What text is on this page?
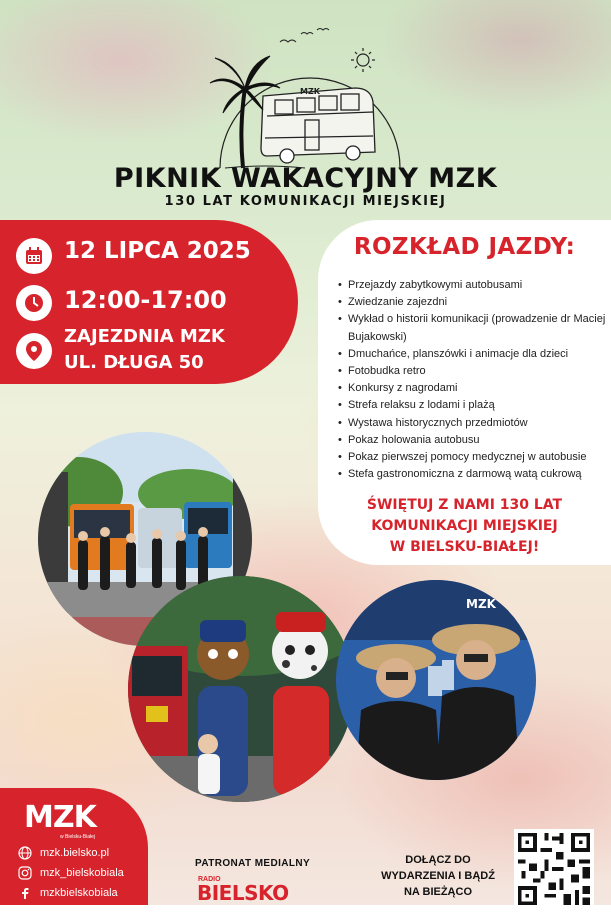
MZK
PIKNIK WAKACYJNY MZK
130 LAT KOMUNIKACJI MIEJSKIEJ
12 LIPCA 2025
12:00-17:00
ZAJEZDNIA MZK
UL. DŁUGA 50
ROZKŁAD JAZDY:
• Przejazdy zabytkowymi autobusami
• Zwiedzanie zajezdni
• Wykład o historii komunikacji (prowadzenie dr Maciej Bujakowski)
• Dmuchańce, planszówki i animacje dla dzieci
• Fotobudka retro
• Konkursy z nagrodami
• Strefa relaksu z lodami i plażą
• Wystawa historycznych przedmiotów
• Pokaz holowania autobusu
• Pokaz pierwszej pomocy medycznej w autobusie
• Stefa gastronomiczna z darmową watą cukrową
ŚWIĘTUJ Z NAMI 130 LAT
KOMUNIKACJI MIEJSKIEJ
W BIELSKU-BIAŁEJ!
MZK
MZK
w Bielsku-Białej
mzk.bielsko.pl
mzk_bielskobiala
mzkbielskobiala
PATRONAT MEDIALNY
RADIO
BIELSKO
DOŁĄCZ DO
WYDARZENIA I BĄDŹ
NA BIEŻĄCO
